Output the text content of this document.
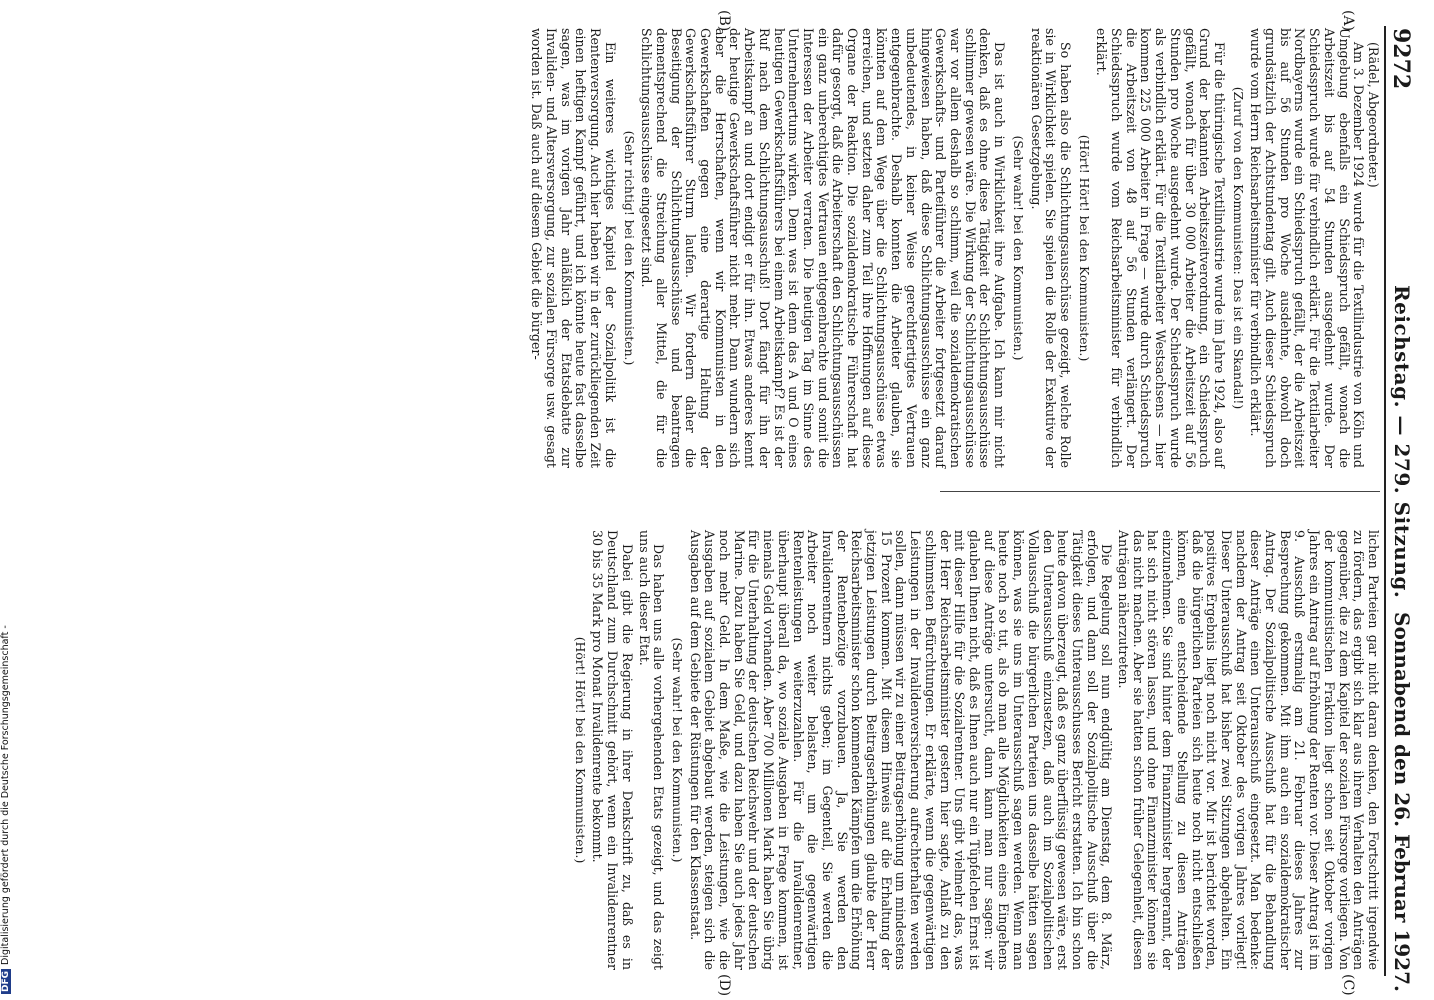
9272
Reichstag. — 279. Sitzung.
Sonnabend den 26. Februar 1927.
(A)
(B)
(C)
(D)
(Rädel, Abgeordneter.)

Am 3. Dezember 1924 wurde für die Textilindustrie von Köln und Umgebung ebenfalls ein Schiedsspruch gefällt, wonach die Arbeitszeit bis auf 54 Stunden ausgedehnt wurde. Der Schiedsspruch wurde für verbindlich erklärt. Für die Textilarbeiter Nordbayerns wurde ein Schiedsspruch gefällt, der die Arbeitszeit bis auf 56 Stunden pro Woche ausdehnte, obwohl doch grundsätzlich der Achtstundentag gilt. Auch dieser Schiedsspruch wurde vom Herrn Reichsarbeitsminister für verbindlich erklärt.

(Zuruf von den Kommunisten: Das ist ein Skandal!)

Für die thüringische Textilindustrie wurde im Jahre 1924, also auf Grund der bekannten Arbeitszeitverordnung, ein Schiedsspruch gefällt, wonach für über 30 000 Arbeiter die Arbeitszeit auf 56 Stunden pro Woche ausgedehnt wurde. Der Schiedsspruch wurde als verbindlich erklärt. Für die Textilarbeiter Westsachsens — hier kommen 225 000 Arbeiter in Frage — wurde durch Schiedsspruch die Arbeitszeit von 48 auf 56 Stunden verlängert. Der Schiedsspruch wurde vom Reichsarbeitsminister für verbindlich erklärt.

(Hört! Hört! bei den Kommunisten.)

So haben also die Schlichtungsausschüsse gezeigt, welche Rolle sie in Wirklichkeit spielen. Sie spielen die Rolle der Exekutive der reaktionären Gesetzgebung.

(Sehr wahr! bei den Kommunisten.)

Das ist auch in Wirklichkeit ihre Aufgabe. Ich kann mir nicht denken, daß es ohne diese Tätigkeit der Schlichtungsausschüsse schlimmer gewesen wäre. Die Wirkung der Schlichtungsausschüsse war vor allem deshalb so schlimm, weil die sozialdemokratischen Gewerkschafts- und Parteiführer die Arbeiter fortgesetzt darauf hingewiesen haben, daß diese Schlichtungsausschüsse ein ganz unbedeutendes, in keiner Weise gerechtfertigtes Vertrauen entgegenbrachte. Deshalb konnten die Arbeiter glauben, sie könnten auf dem Wege über die Schlichtungsausschüsse etwas erreichen, und setzten daher zum Teil ihre Hoffnungen auf diese Organe der Reaktion. Die sozialdemokratische Führerschaft hat dafür gesorgt, daß die Arbeiterschaft den Schlichtungsausschüssen ein ganz unberechtigtes Vertrauen entgegenbrachte und somit die Interessen der Arbeiter verraten. Die heutigen Tag im Sinne des Unternehmertums wirken. Denn was ist denn das A und O eines heutigen Gewerkschaftsführers bei einem Arbeitskampf? Es ist der Ruf nach dem Schlichtungsausschuß! Dort fängt für ihn der Arbeitskampf an und dort endigt er für ihn. Etwas anderes kennt der heutige Gewerkschaftsführer nicht mehr. Dann wundern sich aber die Herrschaften, wenn wir Kommunisten in den Gewerkschaften gegen eine derartige Haltung der Gewerkschaftsführer Sturm laufen. Wir fordern daher die Beseitigung der Schlichtungsausschüsse und beantragen dementsprechend die Streichung aller Mittel, die für die Schlichtungsausschüsse eingesetzt sind.

(Sehr richtig! bei den Kommunisten.)

Ein weiteres wichtiges Kapitel der Sozialpolitik ist die Rentenversorgung. Auch hier haben wir in der zurückliegenden Zeit einen heftigen Kampf geführt, und ich könnte heute fast dasselbe sagen, was im vorigen Jahr anläßlich der Etatsdebatte zur Invaliden- und Altersversorgung, zur sozialen Fürsorge usw. gesagt worden ist. Daß auch auf diesem Gebiet die bürger-

lichen Parteien gar nicht daran denken, den Fortschritt irgendwie zu fördern, das ergibt sich klar aus ihrem Verhalten den Anträgen gegenüber, die zu dem Kapitel der sozialen Fürsorge vorliegen. Von der kommunistischen Fraktion liegt schon seit Oktober vorigen Jahres ein Antrag auf Erhöhung der Renten vor. Dieser Antrag ist im 9. Ausschuß erstmalig am 21. Februar dieses Jahres zur Besprechung gekommen. Mit ihm auch ein sozialdemokratischer Antrag. Der Sozialpolitische Ausschuß hat für die Behandlung dieser Anträge einen Unterausschuß eingesetzt. Man bedenke: nachdem der Antrag seit Oktober des vorigen Jahres vorliegt! Dieser Unterausschuß hat bisher zwei Sitzungen abgehalten. Ein positives Ergebnis liegt noch nicht vor. Mir ist berichtet worden, daß die bürgerlichen Parteien sich heute noch nicht entschließen können, eine entscheidende Stellung zu diesen Anträgen einzunehmen. Sie sind hinter dem Finanzminister hergerannt, der hat sich nicht stören lassen, und ohne Finanzminister können sie das nicht machen. Aber sie hatten schon früher Gelegenheit, diesen Anträgen näherzutreten.

Die Regelung soll nun endgültig am Dienstag, dem 8. März, erfolgen, und dann soll der Sozialpolitische Ausschuß über die Tätigkeit dieses Unterausschusses Bericht erstatten. Ich bin schon heute davon überzeugt, daß es ganz überflüssig gewesen wäre, erst den Unterausschuß einzusetzen, daß auch im Sozialpolitischen Vollausschuß die bürgerlichen Parteien uns dasselbe hätten sagen können, was sie uns im Unterausschuß sagen werden. Wenn man heute noch so tut, als ob man alle Möglichkeiten eines Eingehens auf diese Anträge untersucht, dann kann man nur sagen: wir glauben Ihnen nicht, daß es Ihnen auch nur ein Tüpfelchen Ernst ist mit dieser Hilfe für die Sozialrentner. Uns gibt vielmehr das, was der Herr Reichsarbeitsminister gestern hier sagte, Anlaß zu den schlimmsten Befürchtungen. Er erklärte, wenn die gegenwärtigen Leistungen in der Invalidenversicherung aufrechterhalten werden sollen, dann müssen wir zu einer Beitragserhöhung um mindestens 15 Prozent kommen. Mit diesem Hinweis auf die Erhaltung der jetzigen Leistungen durch Beitragserhöhungen glaubte der Herr Reichsarbeitsminister schon kommenden Kämpfen um die Erhöhung der Rentenbezüge vorzubauen. Ja, Sie werden den Invalidenrentnern nichts geben; im Gegenteil, Sie werden die Arbeiter noch weiter belasten, um die gegenwärtigen Rentenleistungen weiterzuzahlen. Für die Invalidenrentner, überhaupt überall da, wo soziale Ausgaben in Frage kommen, ist niemals Geld vorhanden. Aber 700 Millionen Mark haben Sie übrig für die Unterhaltung der deutschen Reichswehr und der deutschen Marine. Dazu haben Sie Geld, und dazu haben Sie auch jedes Jahr noch mehr Geld. In dem Maße, wie die Leistungen, wie die Ausgaben auf sozialem Gebiet abgebaut werden, steigen sich die Ausgaben auf dem Gebiete der Rüstungen für den Klassenstaat.

(Sehr wahr! bei den Kommunisten.)

Das haben uns alle vorhergehenden Etats gezeigt, und das zeigt uns auch dieser Etat.

Dabei gibt die Regierung in ihrer Denkschrift zu, daß es in Deutschland zum Durchschnitt gehört, wenn ein Invalidenrentner 30 bis 35 Mark pro Monat Invalidenrente bekommt.

(Hört! Hört! bei den Kommunisten.)
DFGDigitalisierung gefördert durch die Deutsche Forschungsgemeinschaft -
